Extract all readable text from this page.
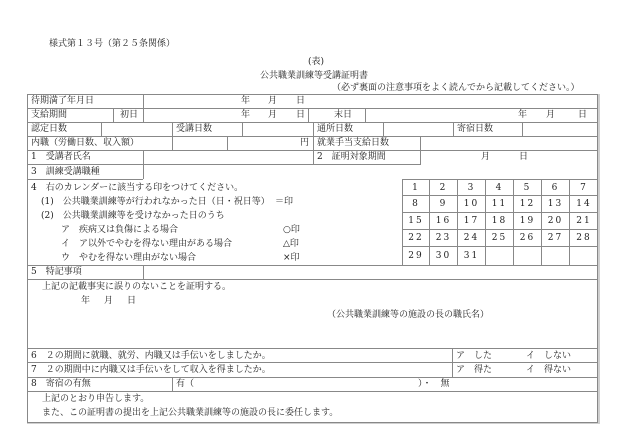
様式第１３号（第２５条関係）
(表)
公共職業訓練等受講証明書
（必ず裏面の注意事項をよく読んでから記載してください。）
待期満了年月日	年 月 日
支給期間	初日	年 月 日	末日	年 月	日
認定日数	受講日数	通所日数	寄宿日数
内職（労働日数、収入額）	円 就業手当支給日数
1　受講者氏名	2　証明対象期間	月	日
3　訓練受講職種
4　右のカレンダーに該当する印をつけてください。
(1)　公共職業訓練等が行われなかった日（日・祝日等） ＝印
(2)　公共職業訓練等を受けなかった日のうち
ア　疾病又は負傷による場合	○印
イ　ア以外でやむを得ない理由がある場合	△印
ウ　やむを得ない理由がない場合	×印
1	2	3	4	5	6	7
8	9	10	11	12	13	14
15	16	17	18	19	20	21
22	23	24	25	26	27	28
29	30	31
5　特記事項
上記の記載事実に誤りのないことを証明する。
年 月 日
（公共職業訓練等の施設の長の職氏名）
6　２の期間に就職、就労、内職又は手伝いをしましたか。	ア　した	イ　しない
7　２の期間中に内職又は手伝いをして収入を得ましたか。	ア　得た	イ　得ない
8　寄宿の有無	有（	）・　無
上記のとおり申告します。
また、この証明書の提出を上記公共職業訓練等の施設の長に委任します。
